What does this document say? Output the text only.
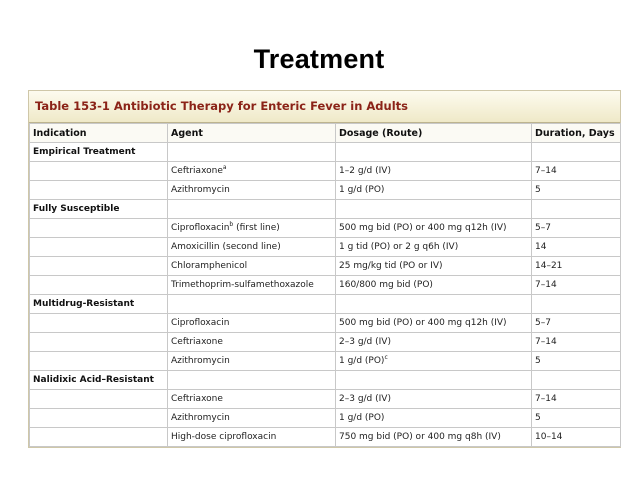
Treatment
Table 153-1 Antibiotic Therapy for Enteric Fever in Adults
Indication	Agent	Dosage (Route)	Duration, Days
Empirical Treatment			
	Ceftriaxone$^a$	1–2 g/d (IV)	7–14
	Azithromycin	1 g/d (PO)	5
Fully Susceptible			
	Ciprofloxacin$^b$ (first line)	500 mg bid (PO) or 400 mg q12h (IV)	5–7
	Amoxicillin (second line)	1 g tid (PO) or 2 g q6h (IV)	14
	Chloramphenicol	25 mg/kg tid (PO or IV)	14–21
	Trimethoprim-sulfamethoxazole	160/800 mg bid (PO)	7–14
Multidrug-Resistant			
	Ciprofloxacin	500 mg bid (PO) or 400 mg q12h (IV)	5–7
	Ceftriaxone	2–3 g/d (IV)	7–14
	Azithromycin	1 g/d (PO)$^c$	5
Nalidixic Acid–Resistant			
	Ceftriaxone	2–3 g/d (IV)	7–14
	Azithromycin	1 g/d (PO)	5
	High-dose ciprofloxacin	750 mg bid (PO) or 400 mg q8h (IV)	10–14
